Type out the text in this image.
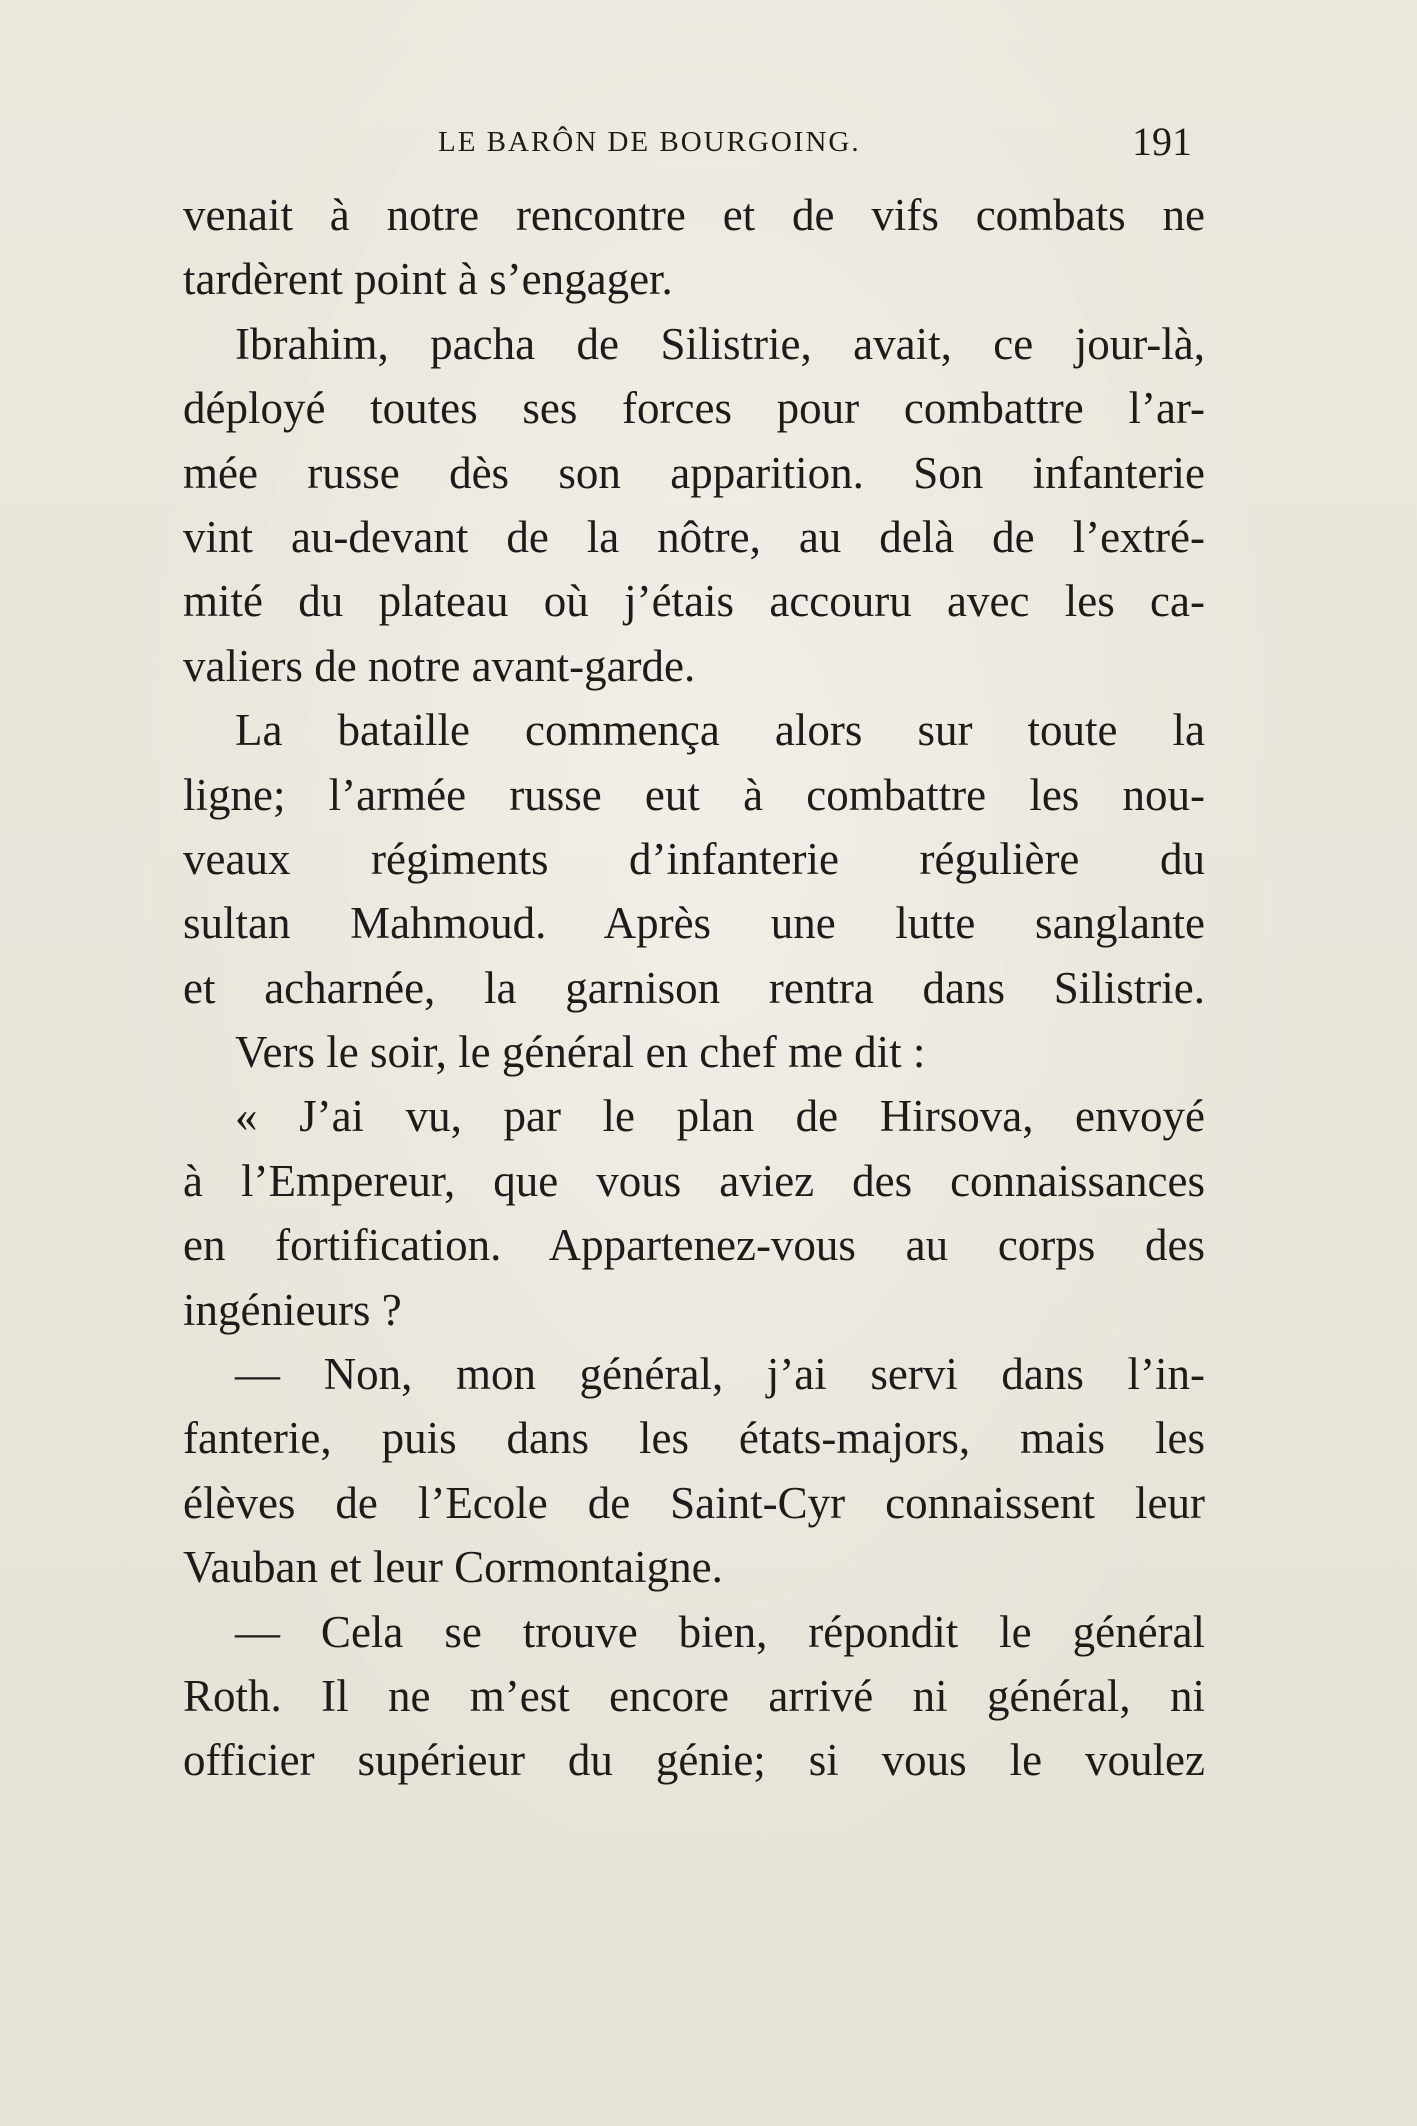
LE BARÔN DE BOURGOING.	191
venait à notre rencontre et de vifs combats ne
tardèrent point à s’engager.
Ibrahim, pacha de Silistrie, avait, ce jour-là,
déployé toutes ses forces pour combattre l’ar-
mée russe dès son apparition. Son infanterie
vint au-devant de la nôtre, au delà de l’extré-
mité du plateau où j’étais accouru avec les ca-
valiers de notre avant-garde.
La bataille commença alors sur toute la
ligne; l’armée russe eut à combattre les nou-
veaux régiments d’infanterie régulière du
sultan Mahmoud. Après une lutte sanglante
et acharnée, la garnison rentra dans Silistrie.
Vers le soir, le général en chef me dit :
« J’ai vu, par le plan de Hirsova, envoyé
à l’Empereur, que vous aviez des connaissances
en fortification. Appartenez-vous au corps des
ingénieurs ?
— Non, mon général, j’ai servi dans l’in-
fanterie, puis dans les états-majors, mais les
élèves de l’Ecole de Saint-Cyr connaissent leur
Vauban et leur Cormontaigne.
— Cela se trouve bien, répondit le général
Roth. Il ne m’est encore arrivé ni général, ni
officier supérieur du génie; si vous le voulez
